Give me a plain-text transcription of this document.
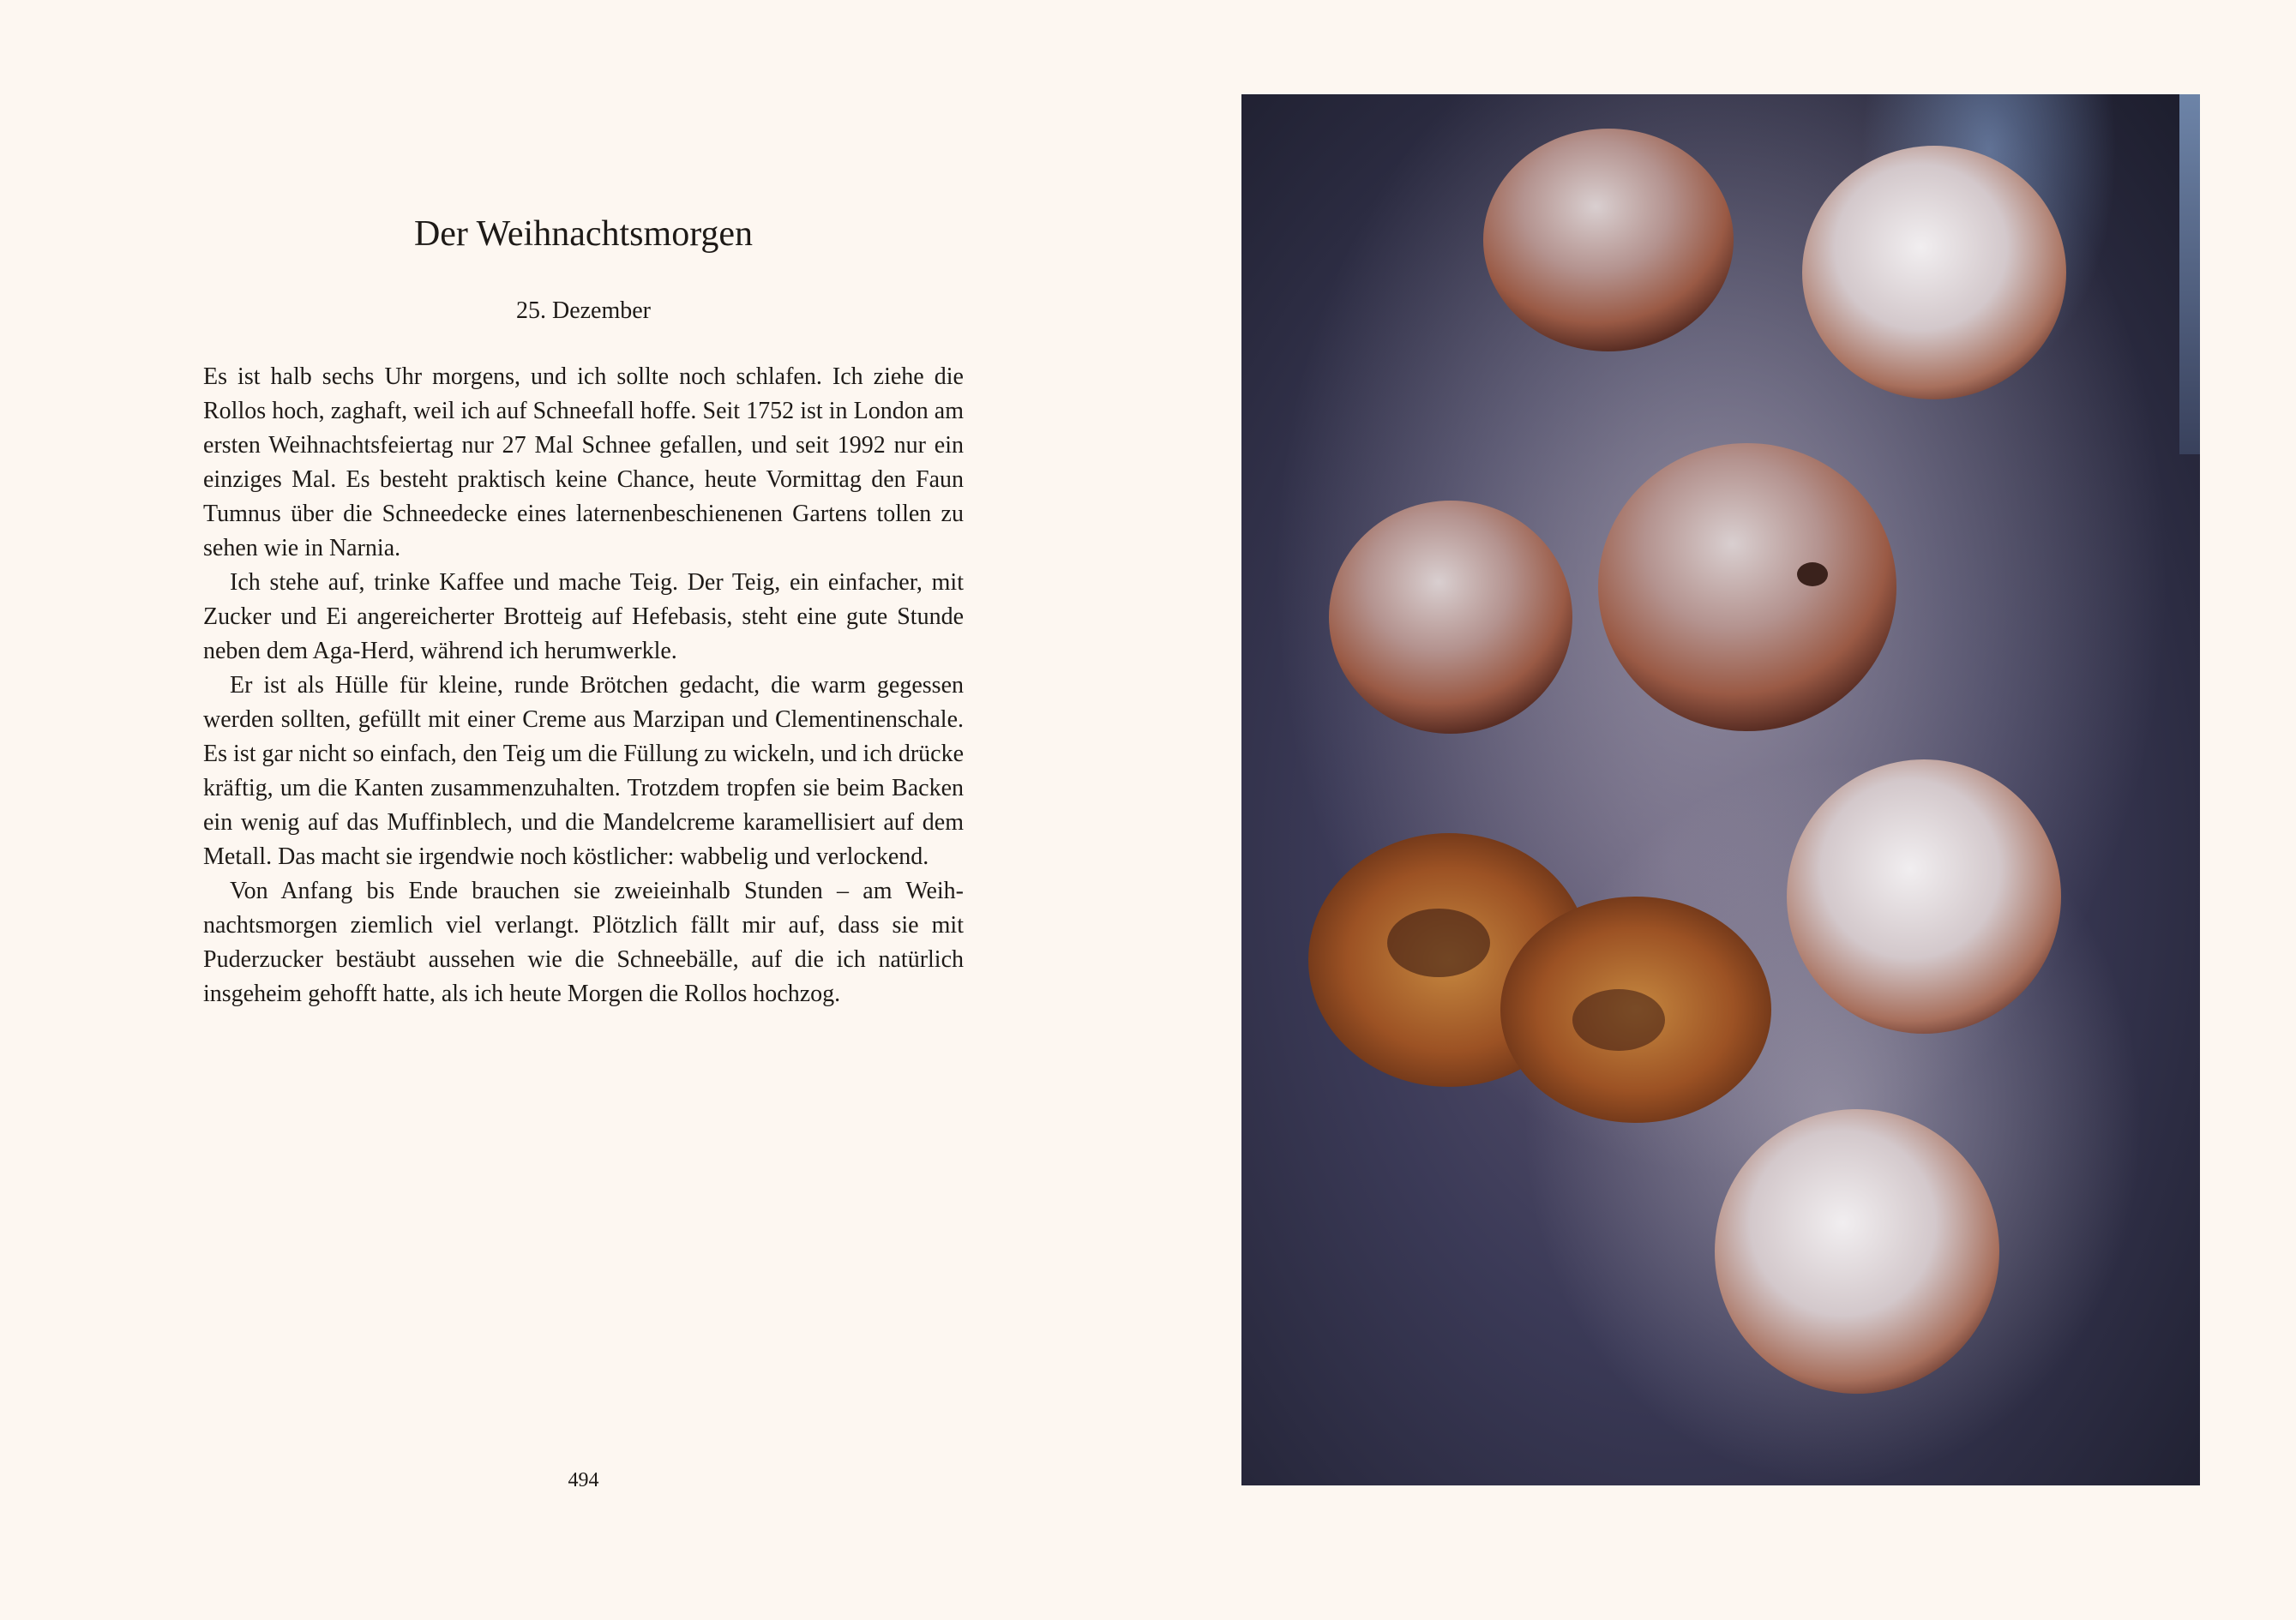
Der Weihnachtsmorgen
25. Dezember

Es ist halb sechs Uhr morgens, und ich sollte noch schlafen. Ich ziehe die Rollos hoch, zaghaft, weil ich auf Schneefall hoffe. Seit 1752 ist in London am ersten Weihnachtsfeiertag nur 27 Mal Schnee gefallen, und seit 1992 nur ein einziges Mal. Es besteht praktisch keine Chance, heute Vormittag den Faun Tumnus über die Schneedecke eines laternenbeschienenen Gartens tollen zu sehen wie in Narnia.

Ich stehe auf, trinke Kaffee und mache Teig. Der Teig, ein einfacher, mit Zucker und Ei angereicherter Brotteig auf Hefebasis, steht eine gute Stunde neben dem Aga-Herd, während ich herumwerkle.

Er ist als Hülle für kleine, runde Brötchen gedacht, die warm gegessen werden sollten, gefüllt mit einer Creme aus Marzipan und Clementinenschale. Es ist gar nicht so einfach, den Teig um die Füllung zu wickeln, und ich drücke kräftig, um die Kanten zusammenzuhalten. Trotzdem tropfen sie beim Backen ein wenig auf das Muffinblech, und die Mandelcreme karamellisiert auf dem Metall. Das macht sie irgendwie noch köstlicher: wabbelig und verlockend.

Von Anfang bis Ende brauchen sie zweieinhalb Stunden – am Weihnachtsmorgen ziemlich viel verlangt. Plötzlich fällt mir auf, dass sie mit Puderzucker bestäubt aussehen wie die Schneebälle, auf die ich natürlich insgeheim gehofft hatte, als ich heute Morgen die Rollos hochzog.

494
